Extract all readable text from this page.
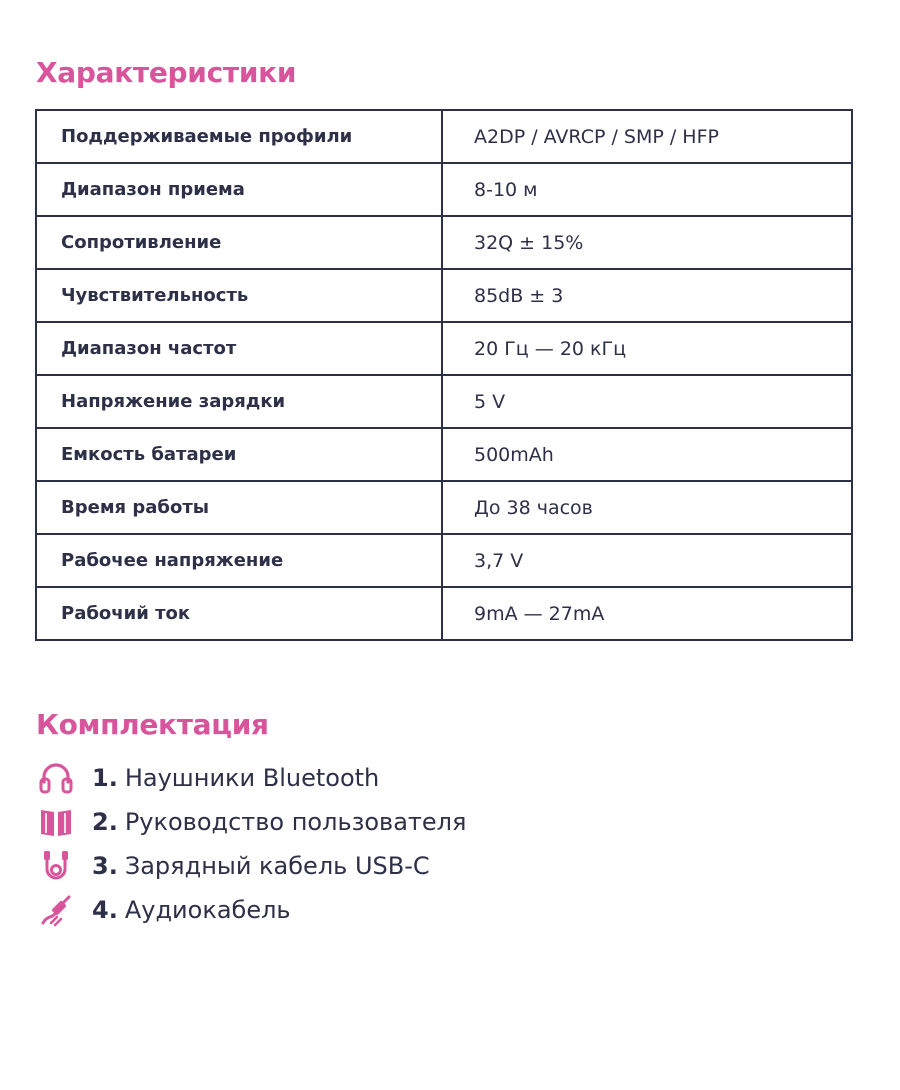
Характеристики
Поддерживаемые профили	A2DP / AVRCP / SMP / HFP
Диапазон приема	8-10 м
Сопротивление	32Q ± 15%
Чувствительность	85dB ± 3
Диапазон частот	20 Гц — 20 кГц
Напряжение зарядки	5 V
Емкость батареи	500mAh
Время работы	До 38 часов
Рабочее напряжение	3,7 V
Рабочий ток	9mA — 27mA
Комплектация
1. Наушники Bluetooth
2. Руководство пользователя
3. Зарядный кабель USB-C
4. Аудиокабель
